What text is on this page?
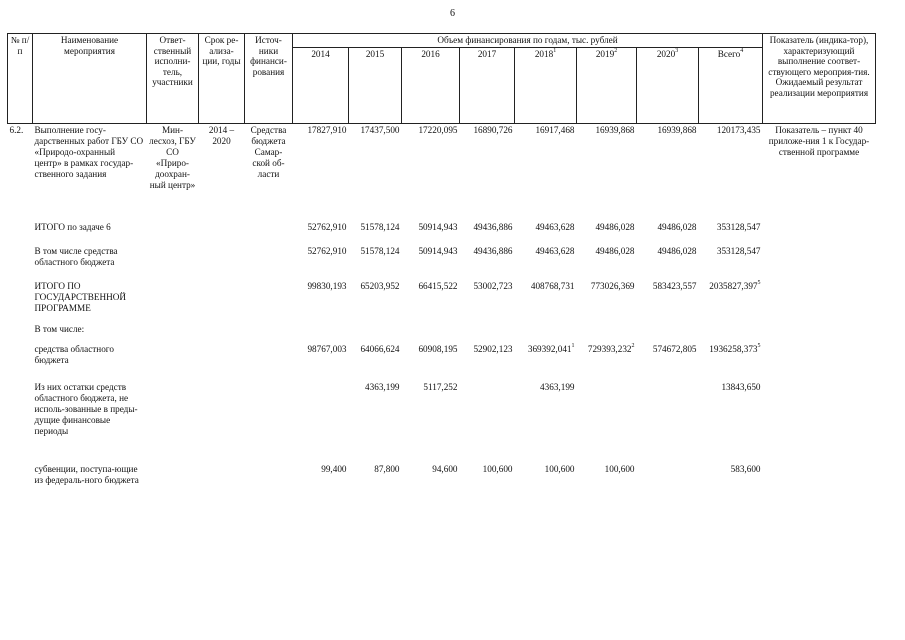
6
№ п/п	Наименование мероприятия	Ответ-ственный исполни-тель, участники	Срок ре-ализа-ции, годы	Источ-ники финанси-рования	Объем финансирования по годам, тыс. рублей								Показатель (индика-тор), характеризующий выполнение соответ-ствующего мероприя-тия. Ожидаемый результат реализации мероприятия
					2014	2015	2016	2017	2018$^1$	2019$^2$	2020$^3$	Всего$^4$
6.2.	Выполнение госу-дарственных работ ГБУ СО «Природо-охранный центр» в рамках государ-ственного задания	Мин-лесхоз, ГБУ СО «Приро-доохран-ный центр»	2014 – 2020	Средства бюджета Самар-ской об-ласти	17827,910	17437,500	17220,095	16890,726	16917,468	16939,868	16939,868	120173,435	Показатель – пункт 40 приложе-ния 1 к Государ-ственной программе
	ИТОГО по задаче 6				52762,910	51578,124	50914,943	49436,886	49463,628	49486,028	49486,028	353128,547	
	В том числе средства областного бюджета				52762,910	51578,124	50914,943	49436,886	49463,628	49486,028	49486,028	353128,547	
	ИТОГО ПО ГОСУДАРСТВЕННОЙ ПРОГРАММЕ				99830,193	65203,952	66415,522	53002,723	408768,731	773026,369	583423,557	2035827,397$^5$	
	В том числе:												
	средства областного бюджета				98767,003	64066,624	60908,195	52902,123	369392,041$^1$	729393,232$^2$	574672,805	1936258,373$^5$	
	Из них остатки средств областного бюджета, не исполь-зованные в преды-дущие финансовые периоды					4363,199	5117,252		4363,199			13843,650	
	субвенции, поступа-ющие из федераль-ного бюджета				99,400	87,800	94,600	100,600	100,600	100,600		583,600	
